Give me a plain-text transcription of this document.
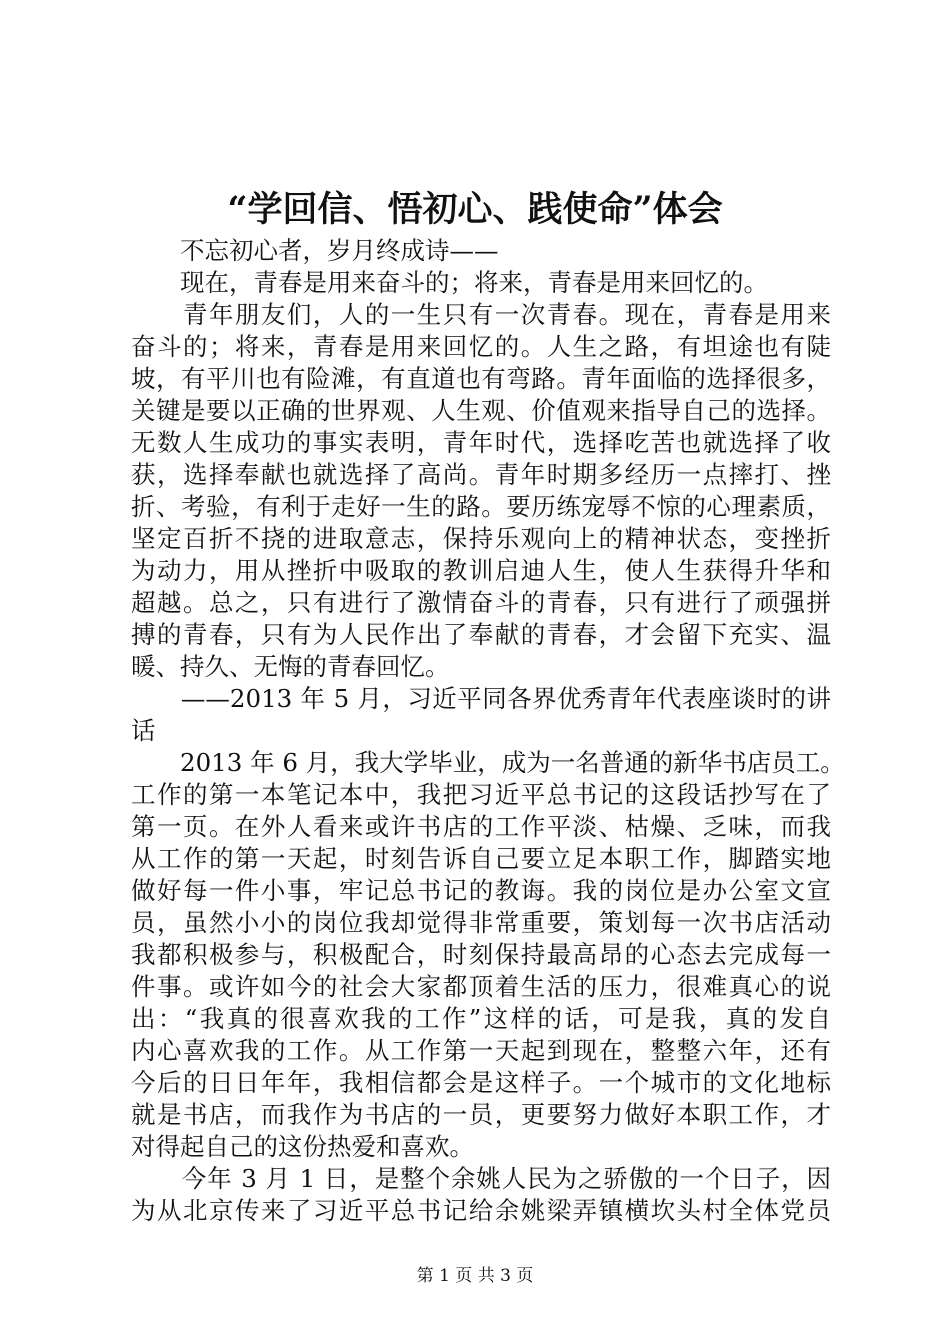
“学回信、悟初心、践使命”体会
　　不忘初心者，岁月终成诗——
　　现在，青春是用来奋斗的；将来，青春是用来回忆的。
　　青年朋友们，人的一生只有一次青春。现在，青春是用来
奋斗的；将来，青春是用来回忆的。人生之路，有坦途也有陡
坡，有平川也有险滩，有直道也有弯路。青年面临的选择很多，
关键是要以正确的世界观、人生观、价值观来指导自己的选择。
无数人生成功的事实表明，青年时代，选择吃苦也就选择了收
获，选择奉献也就选择了高尚。青年时期多经历一点摔打、挫
折、考验，有利于走好一生的路。要历练宠辱不惊的心理素质，
坚定百折不挠的进取意志，保持乐观向上的精神状态，变挫折
为动力，用从挫折中吸取的教训启迪人生，使人生获得升华和
超越。总之，只有进行了激情奋斗的青春，只有进行了顽强拼
搏的青春，只有为人民作出了奉献的青春，才会留下充实、温
暖、持久、无悔的青春回忆。
　　——2013 年 5 月，习近平同各界优秀青年代表座谈时的讲
话
　　2013 年 6 月，我大学毕业，成为一名普通的新华书店员工。
工作的第一本笔记本中，我把习近平总书记的这段话抄写在了
第一页。在外人看来或许书店的工作平淡、枯燥、乏味，而我
从工作的第一天起，时刻告诉自己要立足本职工作，脚踏实地
做好每一件小事，牢记总书记的教诲。我的岗位是办公室文宣
员，虽然小小的岗位我却觉得非常重要，策划每一次书店活动
我都积极参与，积极配合，时刻保持最高昂的心态去完成每一
件事。或许如今的社会大家都顶着生活的压力，很难真心的说
出：“我真的很喜欢我的工作”这样的话，可是我，真的发自
内心喜欢我的工作。从工作第一天起到现在，整整六年，还有
今后的日日年年，我相信都会是这样子。一个城市的文化地标
就是书店，而我作为书店的一员，更要努力做好本职工作，才
对得起自己的这份热爱和喜欢。
　　今年 3 月 1 日，是整个余姚人民为之骄傲的一个日子，因
为从北京传来了习近平总书记给余姚梁弄镇横坎头村全体党员
第 1 页 共 3 页
